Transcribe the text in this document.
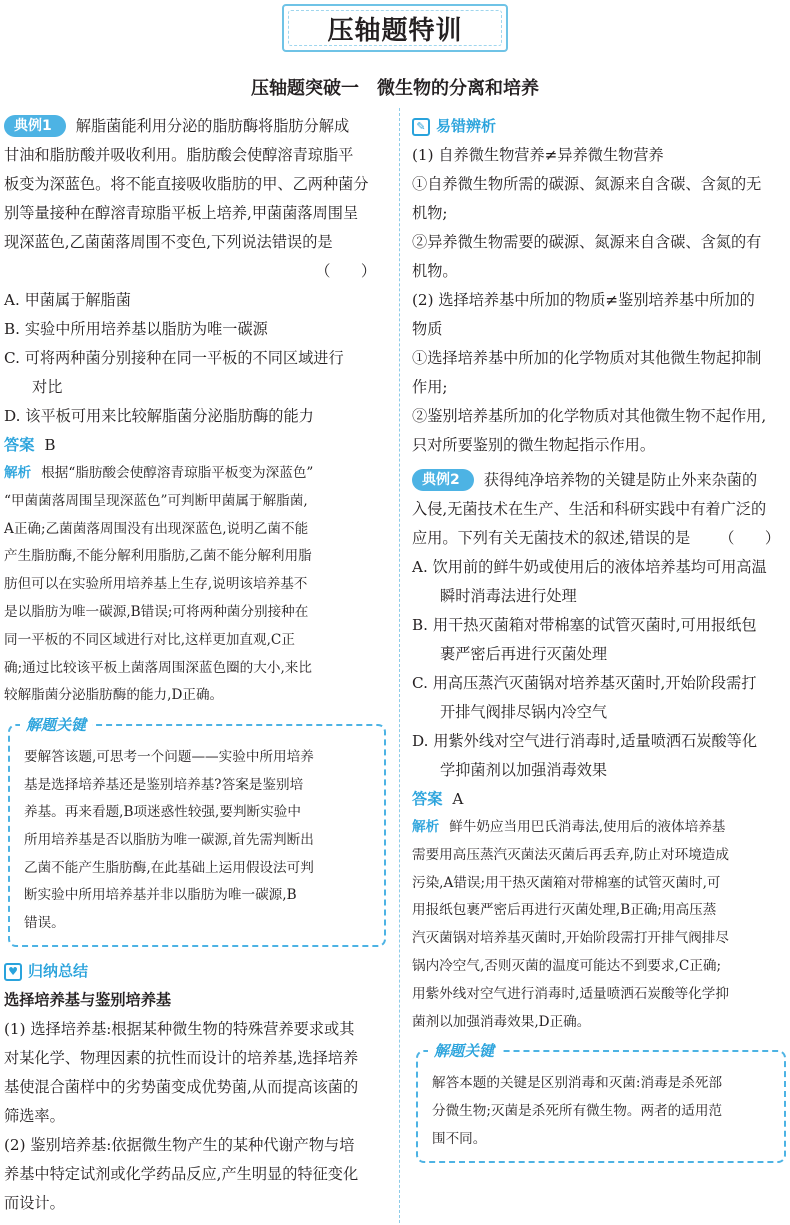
压轴题特训
压轴题突破一　微生物的分离和培养

典例1 解脂菌能利用分泌的脂肪酶将脂肪分解成

甘油和脂肪酸并吸收利用。脂肪酸会使醇溶青琼脂平

板变为深蓝色。将不能直接吸收脂肪的甲、乙两种菌分

别等量接种在醇溶青琼脂平板上培养,甲菌菌落周围呈

现深蓝色,乙菌菌落周围不变色,下列说法错误的是

（　　）

A. 甲菌属于解脂菌

B. 实验中所用培养基以脂肪为唯一碳源

C. 可将两种菌分别接种在同一平板的不同区域进行

对比

D. 该平板可用来比较解脂菌分泌脂肪酶的能力

答案 B

解析 根据“脂肪酸会使醇溶青琼脂平板变为深蓝色”

“甲菌菌落周围呈现深蓝色”可判断甲菌属于解脂菌,

A正确;乙菌菌落周围没有出现深蓝色,说明乙菌不能

产生脂肪酶,不能分解利用脂肪,乙菌不能分解利用脂

肪但可以在实验所用培养基上生存,说明该培养基不

是以脂肪为唯一碳源,B错误;可将两种菌分别接种在

同一平板的不同区域进行对比,这样更加直观,C正

确;通过比较该平板上菌落周围深蓝色圈的大小,来比

较解脂菌分泌脂肪酶的能力,D正确。

解题关键

要解答该题,可思考一个问题——实验中所用培养

基是选择培养基还是鉴别培养基?答案是鉴别培

养基。再来看题,B项迷惑性较强,要判断实验中

所用培养基是否以脂肪为唯一碳源,首先需判断出

乙菌不能产生脂肪酶,在此基础上运用假设法可判

断实验中所用培养基并非以脂肪为唯一碳源,B

错误。

♥ 归纳总结

选择培养基与鉴别培养基

(1) 选择培养基:根据某种微生物的特殊营养要求或其

对某化学、物理因素的抗性而设计的培养基,选择培养

基使混合菌样中的劣势菌变成优势菌,从而提高该菌的

筛选率。

(2) 鉴别培养基:依据微生物产生的某种代谢产物与培

养基中特定试剂或化学药品反应,产生明显的特征变化

而设计。

✎ 易错辨析

(1) 自养微生物营养≠异养微生物营养

①自养微生物所需的碳源、氮源来自含碳、含氮的无

机物;

②异养微生物需要的碳源、氮源来自含碳、含氮的有

机物。

(2) 选择培养基中所加的物质≠鉴别培养基中所加的

物质

①选择培养基中所加的化学物质对其他微生物起抑制

作用;

②鉴别培养基所加的化学物质对其他微生物不起作用,

只对所要鉴别的微生物起指示作用。

典例2 获得纯净培养物的关键是防止外来杂菌的

入侵,无菌技术在生产、生活和科研实践中有着广泛的

应用。下列有关无菌技术的叙述,错误的是 （　　）

A. 饮用前的鲜牛奶或使用后的液体培养基均可用高温

瞬时消毒法进行处理

B. 用干热灭菌箱对带棉塞的试管灭菌时,可用报纸包

裹严密后再进行灭菌处理

C. 用高压蒸汽灭菌锅对培养基灭菌时,开始阶段需打

开排气阀排尽锅内冷空气

D. 用紫外线对空气进行消毒时,适量喷洒石炭酸等化

学抑菌剂以加强消毒效果

答案 A

解析 鲜牛奶应当用巴氏消毒法,使用后的液体培养基

需要用高压蒸汽灭菌法灭菌后再丢弃,防止对环境造成

污染,A错误;用干热灭菌箱对带棉塞的试管灭菌时,可

用报纸包裹严密后再进行灭菌处理,B正确;用高压蒸

汽灭菌锅对培养基灭菌时,开始阶段需打开排气阀排尽

锅内冷空气,否则灭菌的温度可能达不到要求,C正确;

用紫外线对空气进行消毒时,适量喷洒石炭酸等化学抑

菌剂以加强消毒效果,D正确。

解题关键

解答本题的关键是区别消毒和灭菌:消毒是杀死部

分微生物;灭菌是杀死所有微生物。两者的适用范

围不同。
